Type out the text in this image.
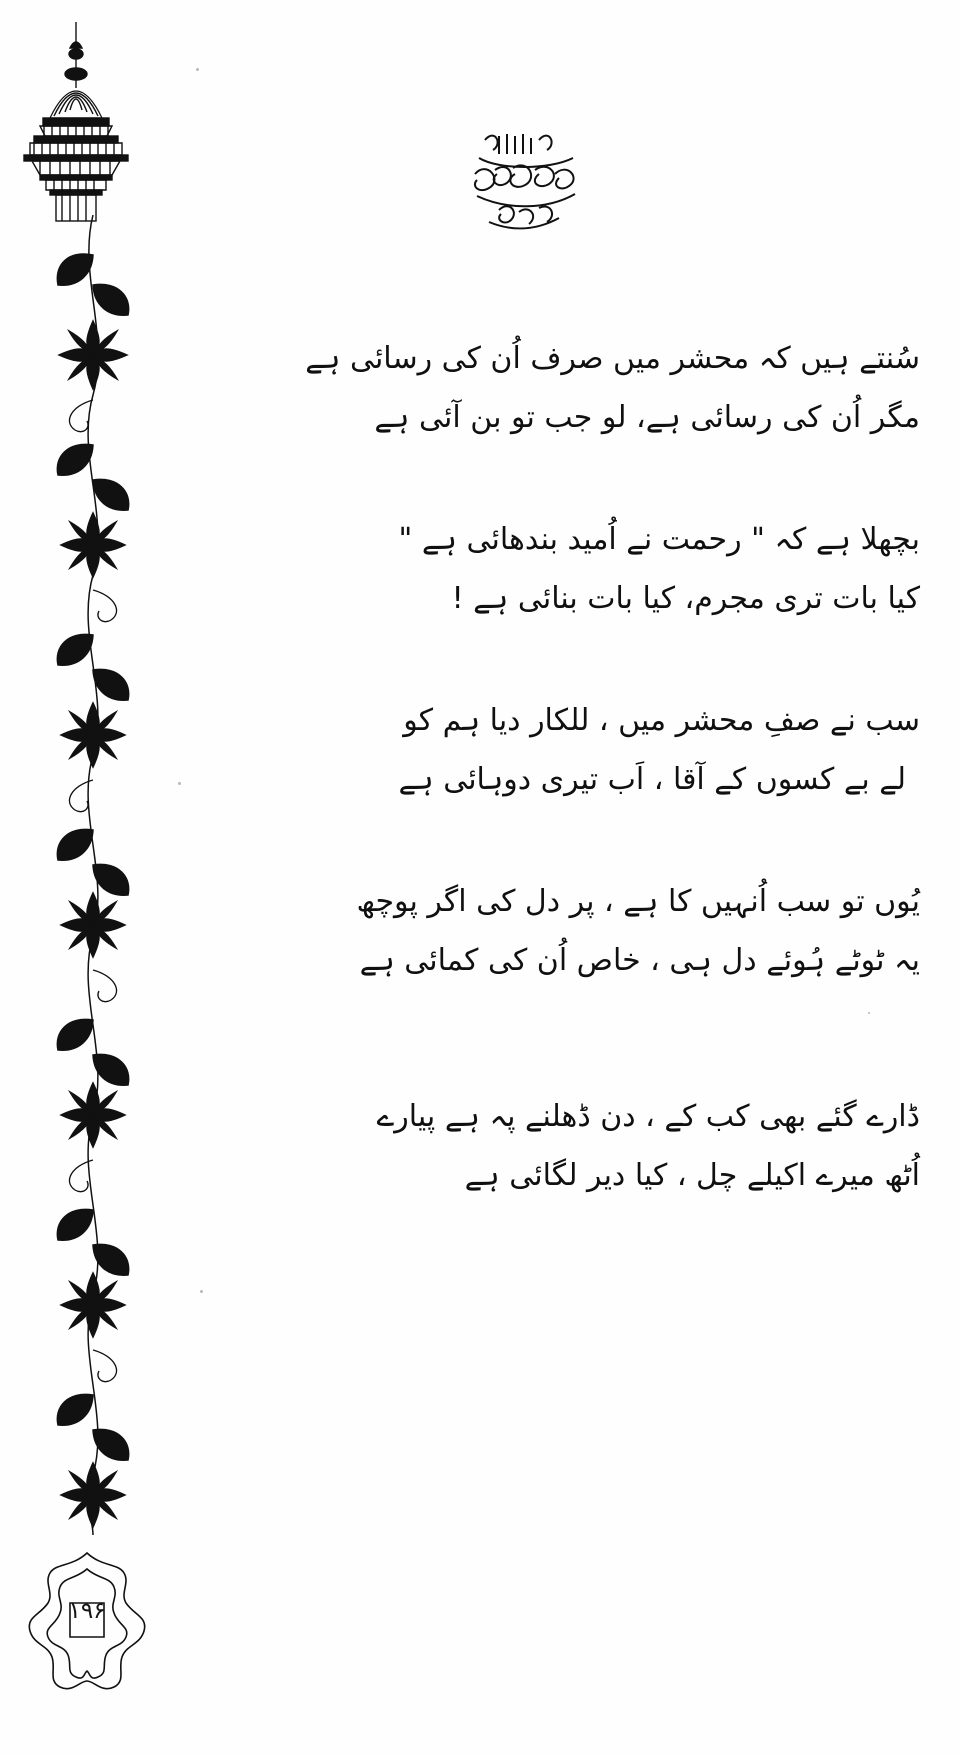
۱۹۶
سُنتے ہیں کہ محشر میں صرف اُن کی رسائی ہے
مگر اُن کی رسائی ہے، لو جب تو بن آئی ہے
بچھلا ہے کہ " رحمت نے اُمید بندھائی ہے "
کیا بات تری مجرم، کیا بات بنائی ہے !
سب نے صفِ محشر میں ، للکار دیا ہم کو
لے بے کسوں کے آقا ، اَب تیری دوہائی ہے
یُوں تو سب اُنہیں کا ہے ، پر دل کی اگر پوچھ
یہ ٹوٹے ہُوئے دل ہی ، خاص اُن کی کمائی ہے
ڈارے گئے بھی کب کے ، دن ڈھلنے پہ ہے پیارے
اُٹھ میرے اکیلے چل ، کیا دیر لگائی ہے
